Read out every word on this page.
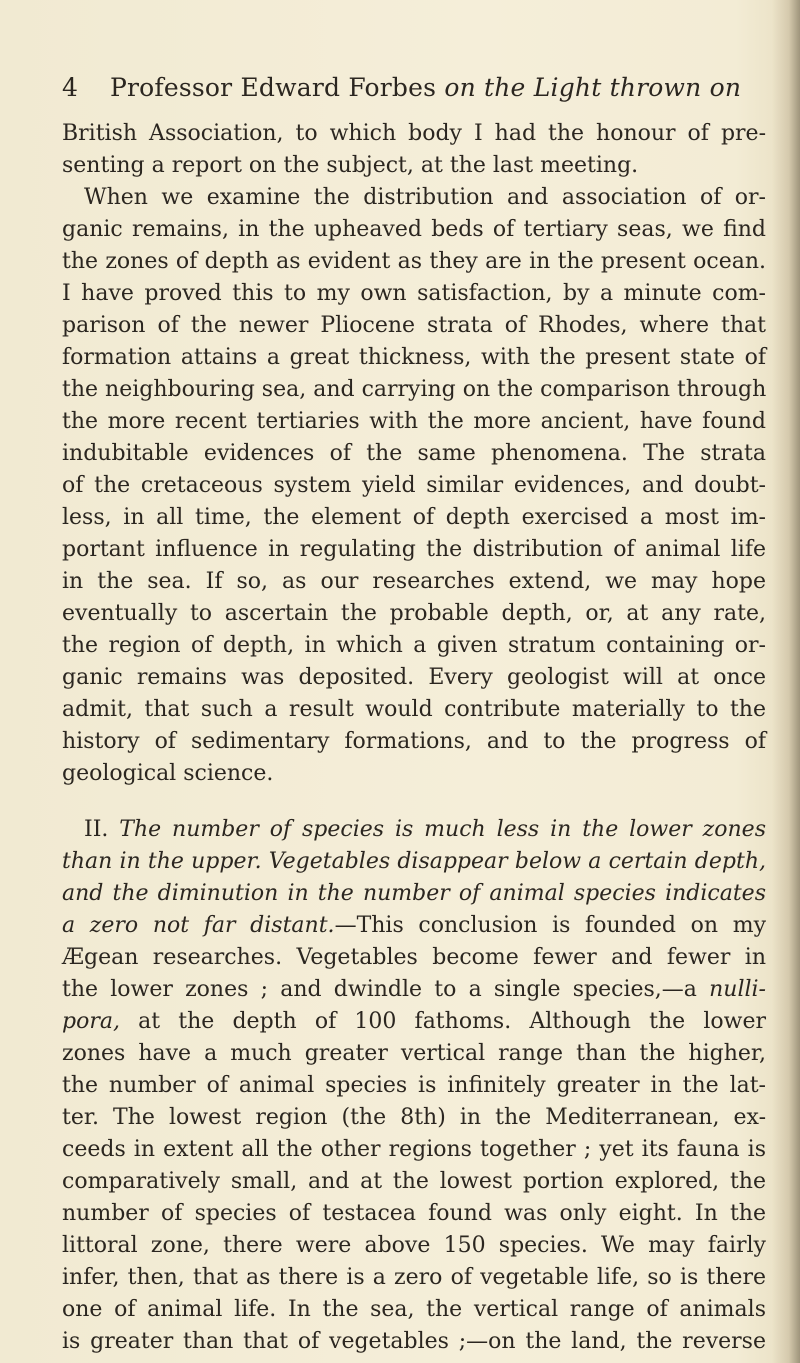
4 Professor Edward Forbes on the Light thrown on
British Association, to which body I had the honour of pre-
senting a report on the subject, at the last meeting.
When we examine the distribution and association of or-
ganic remains, in the upheaved beds of tertiary seas, we find
the zones of depth as evident as they are in the present ocean.
I have proved this to my own satisfaction, by a minute com-
parison of the newer Pliocene strata of Rhodes, where that
formation attains a great thickness, with the present state of
the neighbouring sea, and carrying on the comparison through
the more recent tertiaries with the more ancient, have found
indubitable evidences of the same phenomena. The strata
of the cretaceous system yield similar evidences, and doubt-
less, in all time, the element of depth exercised a most im-
portant influence in regulating the distribution of animal life
in the sea. If so, as our researches extend, we may hope
eventually to ascertain the probable depth, or, at any rate,
the region of depth, in which a given stratum containing or-
ganic remains was deposited. Every geologist will at once
admit, that such a result would contribute materially to the
history of sedimentary formations, and to the progress of
geological science.
II. The number of species is much less in the lower zones
than in the upper. Vegetables disappear below a certain depth,
and the diminution in the number of animal species indicates
a zero not far distant.—This conclusion is founded on my
Ægean researches. Vegetables become fewer and fewer in
the lower zones ; and dwindle to a single species,—a nulli-
pora, at the depth of 100 fathoms. Although the lower
zones have a much greater vertical range than the higher,
the number of animal species is infinitely greater in the lat-
ter. The lowest region (the 8th) in the Mediterranean, ex-
ceeds in extent all the other regions together ; yet its fauna is
comparatively small, and at the lowest portion explored, the
number of species of testacea found was only eight. In the
littoral zone, there were above 150 species. We may fairly
infer, then, that as there is a zero of vegetable life, so is there
one of animal life. In the sea, the vertical range of animals
is greater than that of vegetables ;—on the land, the reverse
